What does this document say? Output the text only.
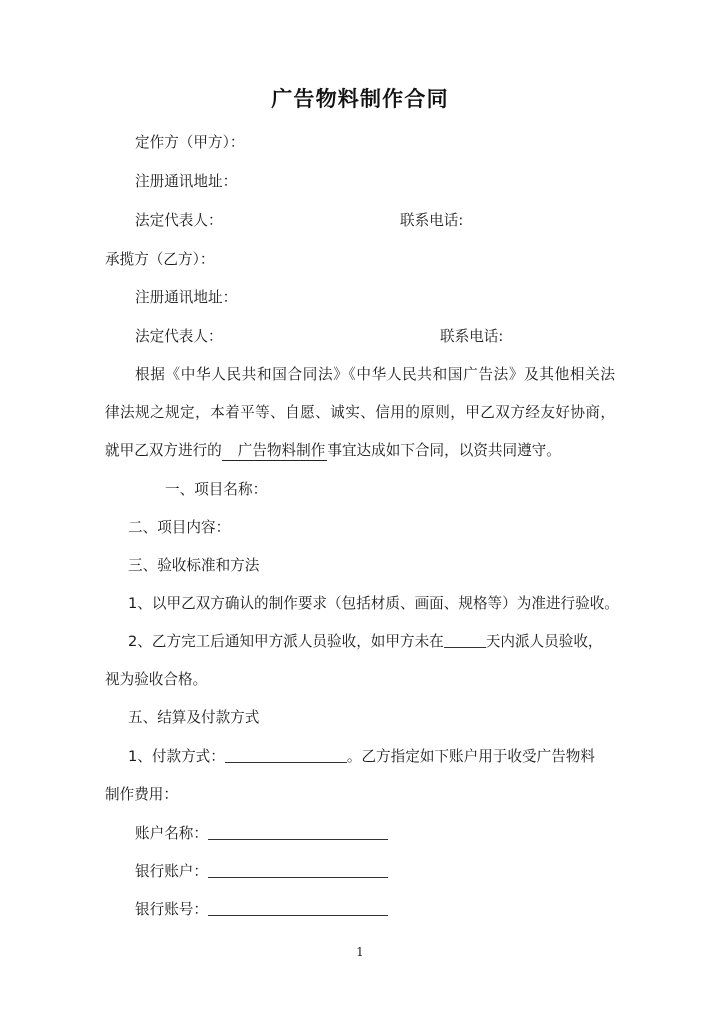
广告物料制作合同
定作方（甲方）：
注册通讯地址：
法定代表人：	联系电话:
承揽方（乙方）：
注册通讯地址：
法定代表人：	联系电话:
根据《中华人民共和国合同法》《中华人民共和国广告法》及其他相关法
律法规之规定，本着平等、自愿、诚实、信用的原则，甲乙双方经友好协商，
就甲乙双方进行的 广告物料制作 事宜达成如下合同，以资共同遵守。
一、项目名称：
二、项目内容：
三、验收标准和方法
1、以甲乙双方确认的制作要求（包括材质、画面、规格等）为准进行验收。
2、乙方完工后通知甲方派人员验收，如甲方未在	天内派人员验收，
视为验收合格。
五、结算及付款方式
1、付款方式：	。乙方指定如下账户用于收受广告物料
制作费用：
账户名称：
银行账户：
银行账号：
1
